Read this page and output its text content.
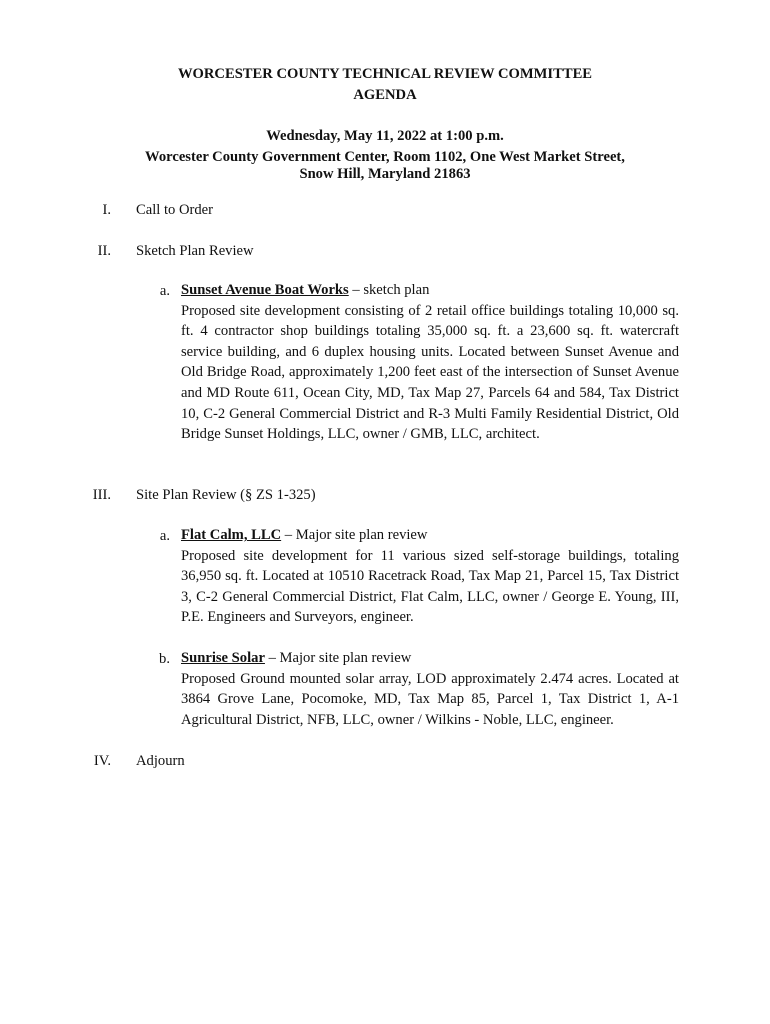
WORCESTER COUNTY TECHNICAL REVIEW COMMITTEE
AGENDA
Wednesday, May 11, 2022 at 1:00 p.m.
Worcester County Government Center, Room 1102, One West Market Street,
Snow Hill, Maryland 21863
I. Call to Order
II. Sketch Plan Review
a. Sunset Avenue Boat Works – sketch plan
Proposed site development consisting of 2 retail office buildings totaling 10,000 sq. ft. 4 contractor shop buildings totaling 35,000 sq. ft. a 23,600 sq. ft. watercraft service building, and 6 duplex housing units. Located between Sunset Avenue and Old Bridge Road, approximately 1,200 feet east of the intersection of Sunset Avenue and MD Route 611, Ocean City, MD, Tax Map 27, Parcels 64 and 584, Tax District 10, C-2 General Commercial District and R-3 Multi Family Residential District, Old Bridge Sunset Holdings, LLC, owner / GMB, LLC, architect.
III. Site Plan Review (§ ZS 1-325)
a. Flat Calm, LLC – Major site plan review
Proposed site development for 11 various sized self-storage buildings, totaling 36,950 sq. ft. Located at 10510 Racetrack Road, Tax Map 21, Parcel 15, Tax District 3, C-2 General Commercial District, Flat Calm, LLC, owner / George E. Young, III, P.E. Engineers and Surveyors, engineer.
b. Sunrise Solar – Major site plan review
Proposed Ground mounted solar array, LOD approximately 2.474 acres. Located at 3864 Grove Lane, Pocomoke, MD, Tax Map 85, Parcel 1, Tax District 1, A-1 Agricultural District, NFB, LLC, owner / Wilkins - Noble, LLC, engineer.
IV. Adjourn
